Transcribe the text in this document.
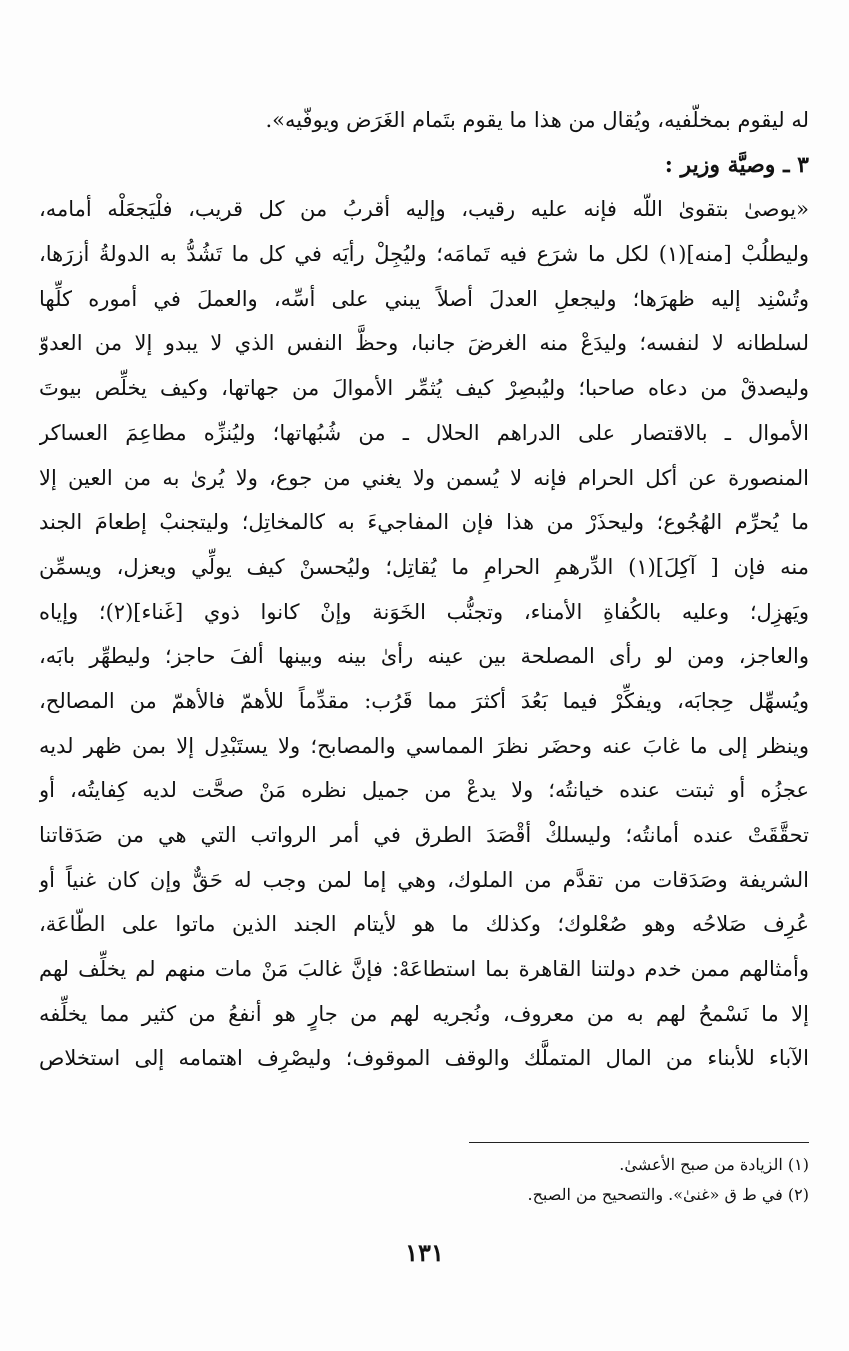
له ليقوم بمخلّفيه، ويُقال من هذا ما يقوم بتَمام الغَرَض ويوفّيه».
٣ ـ وصيَّة وزير :
«يوصىٰ بتقوىٰ اللّه فإنه عليه رقيب، وإليه أقربُ من كل قريب، فلْيَجعَلْه أمامه،
وليطلُبْ [منه](١) لكل ما شرَع فيه تَمامَه؛ وليُجِلْ رأيَه في كل ما تَشُدُّ به الدولةُ أزرَها،
وتُسْنِد إليه ظهرَها؛ وليجعلِ العدلَ أصلاً يبني على أسِّه، والعملَ في أموره كلِّها
لسلطانه لا لنفسه؛ وليدَعْ منه الغرضَ جانبا، وحظَّ النفس الذي لا يبدو إلا من العدوّ
وليصدقْ من دعاه صاحبا؛ وليُبصِرْ كيف يُثمِّر الأموالَ من جهاتها، وكيف يخلِّص بيوتَ
الأموال ـ بالاقتصار على الدراهم الحلال ـ من شُبُهاتها؛ وليُنزِّه مطاعِمَ العساكر
المنصورة عن أكل الحرام فإنه لا يُسمن ولا يغني من جوع، ولا يُرىٰ به من العين إلا
ما يُحرِّم الهُجُوع؛ وليحذَرْ من هذا فإن المفاجيءَ به كالمخاتِل؛ وليتجنبْ إطعامَ الجند
منه فإن [ آكِلَ](١) الدِّرهمِ الحرامِ ما يُقاتِل؛ وليُحسنْ كيف يولِّي ويعزل، ويسمِّن
ويَهزِل؛ وعليه بالكُفاةِ الأمناء، وتجنُّب الخَوَنة وإنْ كانوا ذوي [غَناء](٢)؛ وإياه
والعاجز، ومن لو رأى المصلحة بين عينه رأىٰ بينه وبينها ألفَ حاجز؛ وليطهِّر بابَه،
ويُسهِّل حِجابَه، ويفكِّرْ فيما بَعُدَ أكثرَ مما قَرُب: مقدِّماً للأهمّ فالأهمّ من المصالح،
وينظر إلى ما غابَ عنه وحضَر نظرَ المماسي والمصابح؛ ولا يستَبْدِل إلا بمن ظهر لديه
عجزُه أو ثبتت عنده خيانتُه؛ ولا يدعْ من جميل نظره مَنْ صحَّت لديه كِفايتُه، أو
تحقَّقَتْ عنده أمانتُه؛ وليسلكْ أقْصَدَ الطرق في أمر الرواتب التي هي من صَدَقاتنا
الشريفة وصَدَقات من تقدَّم من الملوك، وهي إما لمن وجب له حَقٌّ وإن كان غنياً أو
عُرِف صَلاحُه وهو صُعْلوك؛ وكذلك ما هو لأيتام الجند الذين ماتوا على الطّاعَة،
وأمثالهم ممن خدم دولتنا القاهرة بما استطاعَهْ: فإنَّ غالبَ مَنْ مات منهم لم يخلِّف لهم
إلا ما نَسْمحُ لهم به من معروف، ونُجريه لهم من جارٍ هو أنفعُ من كثير مما يخلِّفه
الآباء للأبناء من المال المتملَّك والوقف الموقوف؛ وليصْرِف اهتمامه إلى استخلاص
(١) الزيادة من صبح الأعشىٰ.
(٢) في ط ق «غنىٰ». والتصحيح من الصبح.
١٣١
